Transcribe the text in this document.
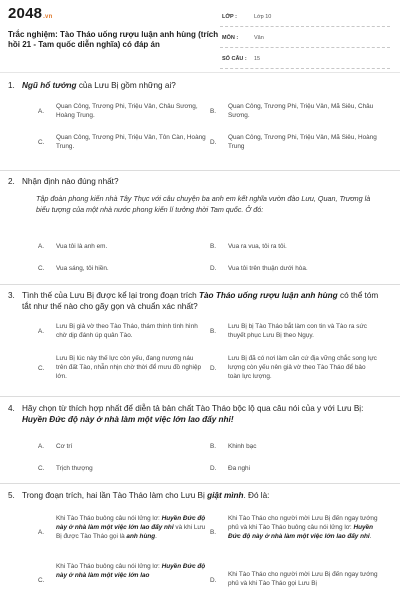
2048.vn
Trắc nghiệm: Tào Tháo uống rượu luận anh hùng (trích hồi 21 - Tam quốc diễn nghĩa) có đáp án
LỚP :	Lớp 10
MÔN :	Văn
SỐ CÂU : 15
1. Ngũ hổ tướng của Lưu Bị gồm những ai?
A.
Quan Công, Trương Phi, Triệu Vân, Châu Sương, Hoàng Trung.
B.
Quan Công, Trương Phi, Triệu Vân, Mã Siêu, Châu Sương.
C.
Quan Công, Trương Phi, Triệu Vân, Tôn Càn, Hoàng Trung.
D.
Quan Công, Trương Phi, Triệu Vân, Mã Siêu, Hoàng Trung
2. Nhận định nào đúng nhất?
Tập đoàn phong kiến nhà Tây Thục với câu chuyện ba anh em kết nghĩa vườn đào Lưu, Quan, Trương là biểu tượng của một nhà nước phong kiến lí tưởng thời Tam quốc. Ở đó:
A. Vua tôi là anh em.	B. Vua ra vua, tôi ra tôi.
C. Vua sáng, tôi hiền.	D. Vua tôi trên thuận dưới hòa.
3. Tình thế của Lưu Bị được kể lại trong đoạn trích Tào Tháo uống rượu luận anh hùng có thể tóm tắt như thế nào cho gãy gọn và chuẩn xác nhất?
A.
Lưu Bị giả vờ theo Tào Tháo, thám thính tình hình chờ dịp đánh úp quân Tào.
B.
Lưu Bị bị Tào Tháo bắt làm con tin và Tào ra sức thuyết phục Lưu Bị theo Ngụy.
C.
Lưu Bị lúc này thế lực còn yếu, đang nương náu trên đất Tào, nhẫn nhịn chờ thời để mưu đồ nghiệp lớn.
D.
Lưu Bị đã có nơi làm căn cứ địa vững chắc song lực lượng còn yếu nên giả vờ theo Tào Tháo để bảo toàn lực lượng.
4. Hãy chọn từ thích hợp nhất để diễn tả bản chất Tào Tháo bộc lộ qua câu nói của y với Lưu Bị: Huyền Đức độ này ở nhà làm một việc lớn lao đấy nhỉ!
A. Cơ trí	B. Khinh bạc
C. Trịch thượng	D. Đa nghi
5. Trong đoạn trích, hai lần Tào Tháo làm cho Lưu Bị giật mình. Đó là:
A.
Khi Tào Tháo buông câu nói lửng lơ: Huyền Đức độ này ở nhà làm một việc lớn lao đấy nhỉ và khi Lưu Bị được Tào Tháo gọi là anh hùng.
B.
Khi Tào Tháo cho người mời Lưu Bị đến ngay tướng phủ và khi Tào Tháo buông câu nói lửng lơ: Huyền Đức độ này ở nhà làm một việc lớn lao đấy nhỉ.
C.
Khi Tào Tháo buông câu nói lửng lơ: Huyền Đức độ này ở nhà làm một việc lớn lao
D.
Khi Tào Tháo cho người mời Lưu Bị đến ngay tướng phủ và khi Tào Tháo gọi Lưu Bị
